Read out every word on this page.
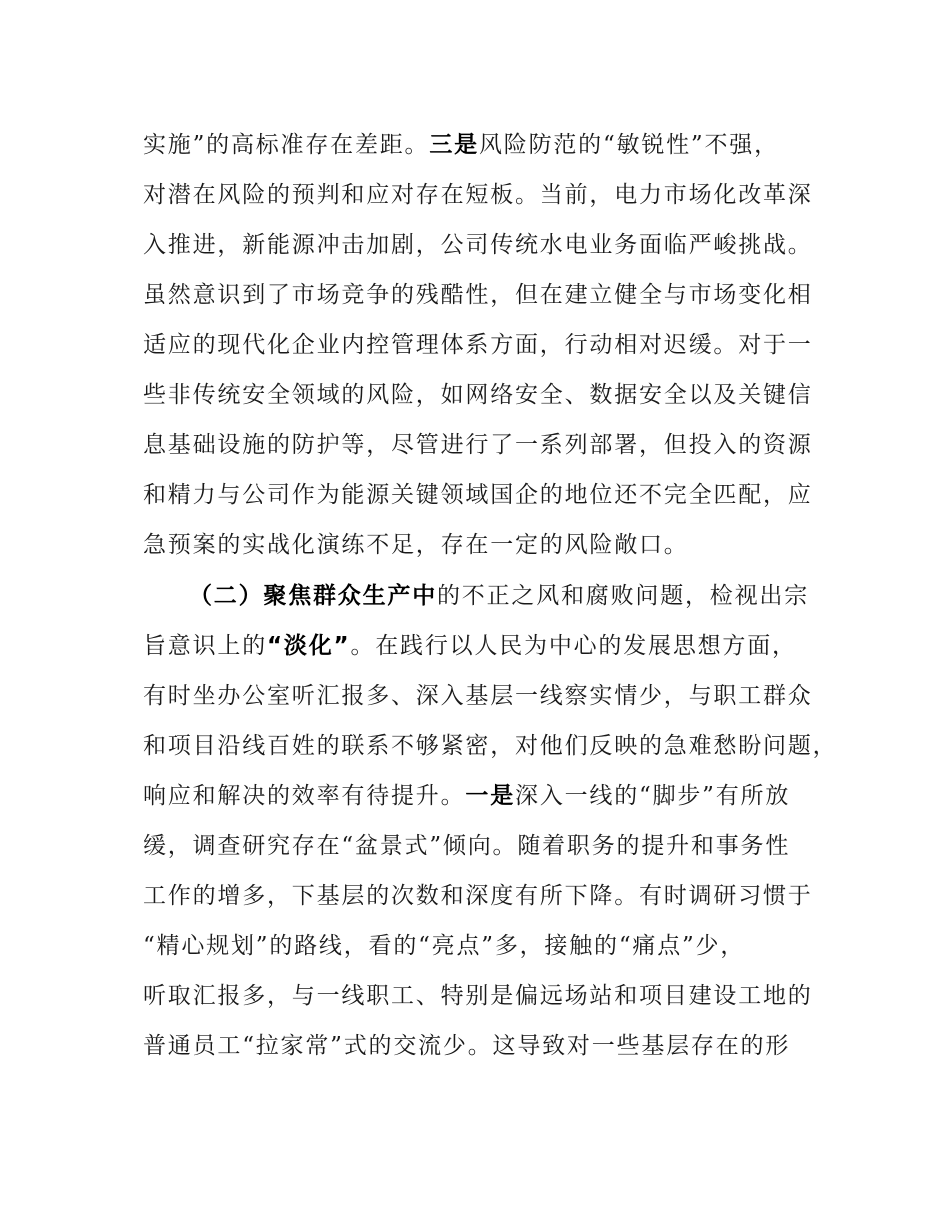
实施”的高标准存在差距。三是风险防范的“敏锐性”不强，
对潜在风险的预判和应对存在短板。当前，电力市场化改革深
入推进，新能源冲击加剧，公司传统水电业务面临严峻挑战。
虽然意识到了市场竞争的残酷性，但在建立健全与市场变化相
适应的现代化企业内控管理体系方面，行动相对迟缓。对于一
些非传统安全领域的风险，如网络安全、数据安全以及关键信
息基础设施的防护等，尽管进行了一系列部署，但投入的资源
和精力与公司作为能源关键领域国企的地位还不完全匹配，应
急预案的实战化演练不足，存在一定的风险敞口。
（二）聚焦群众生产中的不正之风和腐败问题，检视出宗
旨意识上的“淡化”。在践行以人民为中心的发展思想方面，
有时坐办公室听汇报多、深入基层一线察实情少，与职工群众
和项目沿线百姓的联系不够紧密，对他们反映的急难愁盼问题，
响应和解决的效率有待提升。一是深入一线的“脚步”有所放
缓，调查研究存在“盆景式”倾向。随着职务的提升和事务性
工作的增多，下基层的次数和深度有所下降。有时调研习惯于
“精心规划”的路线，看的“亮点”多，接触的“痛点”少，
听取汇报多，与一线职工、特别是偏远场站和项目建设工地的
普通员工“拉家常”式的交流少。这导致对一些基层存在的形
